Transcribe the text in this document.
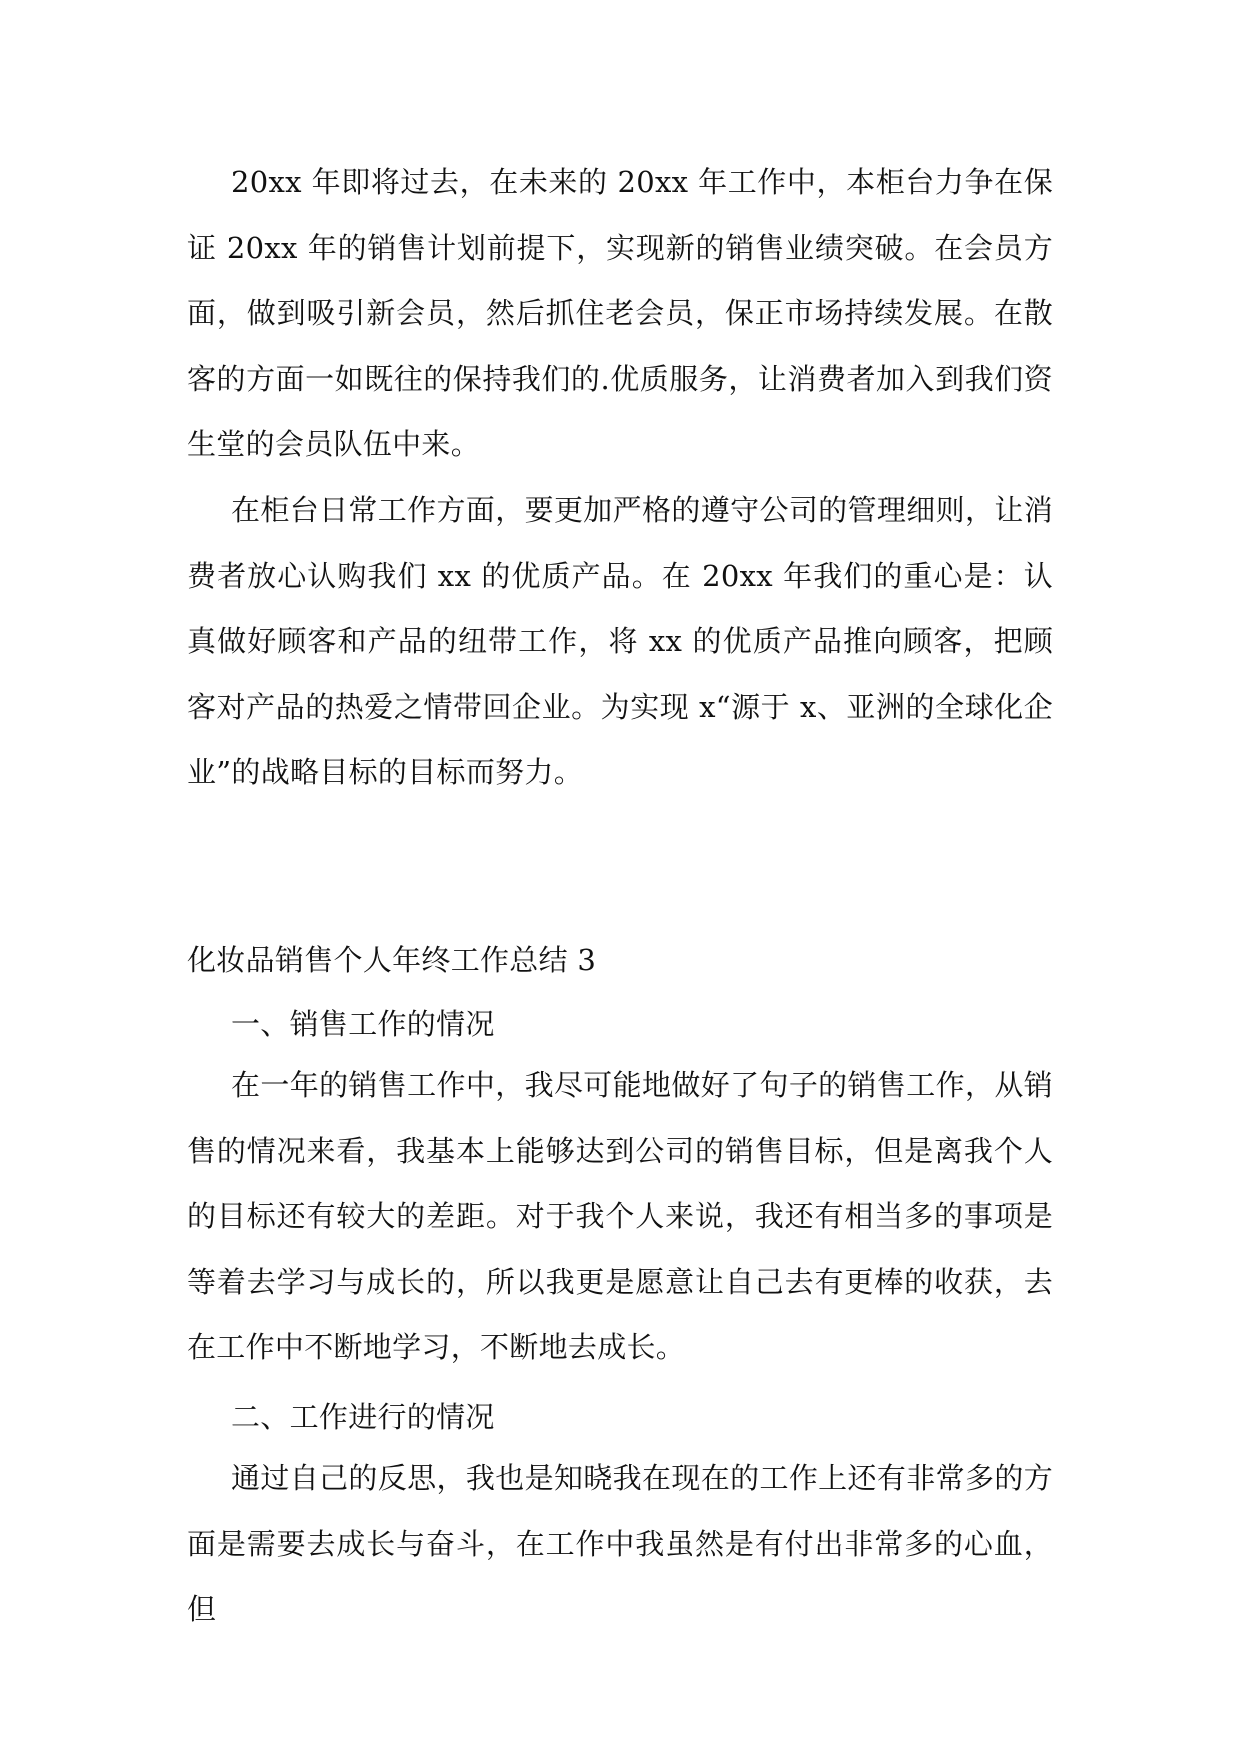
20xx 年即将过去，在未来的 20xx 年工作中，本柜台力争在保证 20xx 年的销售计划前提下，实现新的销售业绩突破。在会员方面，做到吸引新会员，然后抓住老会员，保正市场持续发展。在散客的方面一如既往的保持我们的.优质服务，让消费者加入到我们资生堂的会员队伍中来。

在柜台日常工作方面，要更加严格的遵守公司的管理细则，让消费者放心认购我们 xx 的优质产品。在 20xx 年我们的重心是：认真做好顾客和产品的纽带工作，将 xx 的优质产品推向顾客，把顾客对产品的热爱之情带回企业。为实现 x“源于 x、亚洲的全球化企业”的战略目标的目标而努力。

化妆品销售个人年终工作总结 3

一、销售工作的情况

在一年的销售工作中，我尽可能地做好了句子的销售工作，从销售的情况来看，我基本上能够达到公司的销售目标，但是离我个人的目标还有较大的差距。对于我个人来说，我还有相当多的事项是等着去学习与成长的，所以我更是愿意让自己去有更棒的收获，去在工作中不断地学习，不断地去成长。

二、工作进行的情况

通过自己的反思，我也是知晓我在现在的工作上还有非常多的方面是需要去成长与奋斗，在工作中我虽然是有付出非常多的心血，但
